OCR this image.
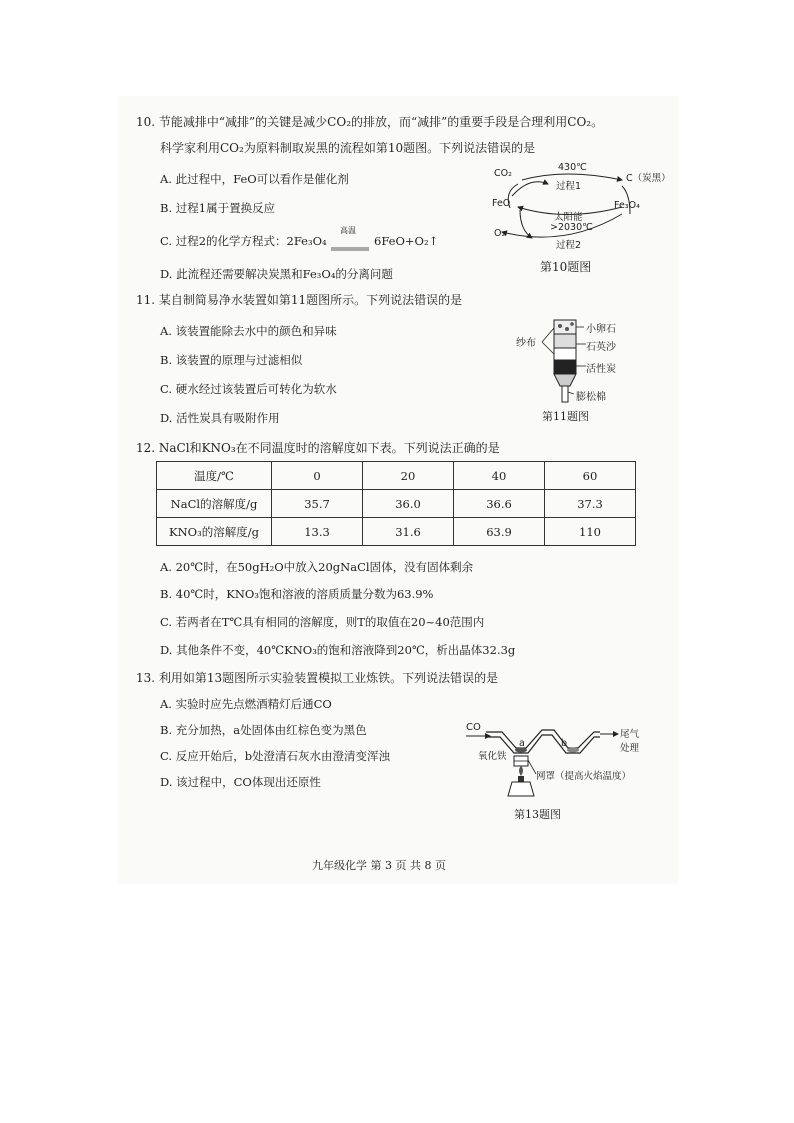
10. 节能减排中“减排”的关键是减少CO₂的排放，而“减排”的重要手段是合理利用CO₂。
科学家利用CO₂为原料制取炭黑的流程如第10题图。下列说法错误的是
A. 此过程中，FeO可以看作是催化剂
B. 过程1属于置换反应
C. 过程2的化学方程式：2Fe₃O₄
高温
6FeO+O₂↑
D. 此流程还需要解决炭黑和Fe₃O₄的分离问题
CO₂
430℃
过程1
C（炭黑）
FeO	Fe₃O₄
太阳能
>2030℃
过程2
O₂
第10题图
11. 某自制简易净水装置如第11题图所示。下列说法错误的是
A. 该装置能除去水中的颜色和异味
B. 该装置的原理与过滤相似
C. 硬水经过该装置后可转化为软水
D. 活性炭具有吸附作用
纱布
小卵石
石英沙
活性炭
膨松棉
第11题图
12. NaCl和KNO₃在不同温度时的溶解度如下表。下列说法正确的是
温度/℃	0	20	40	60
NaCl的溶解度/g	35.7	36.0	36.6	37.3
KNO₃的溶解度/g	13.3	31.6	63.9	110
A. 20℃时，在50gH₂O中放入20gNaCl固体，没有固体剩余
B. 40℃时，KNO₃饱和溶液的溶质质量分数为63.9%
C. 若两者在T℃具有相同的溶解度，则T的取值在20~40范围内
D. 其他条件不变，40℃KNO₃的饱和溶液降到20℃，析出晶体32.3g
13. 利用如第13题图所示实验装置模拟工业炼铁。下列说法错误的是
A. 实验时应先点燃酒精灯后通CO
B. 充分加热，a处固体由红棕色变为黑色
C. 反应开始后，b处澄清石灰水由澄清变浑浊
D. 该过程中，CO体现出还原性
CO
氧化铁
a	b
尾气
处理
网罩（提高火焰温度）
第13题图
九年级化学 第 3 页 共 8 页
